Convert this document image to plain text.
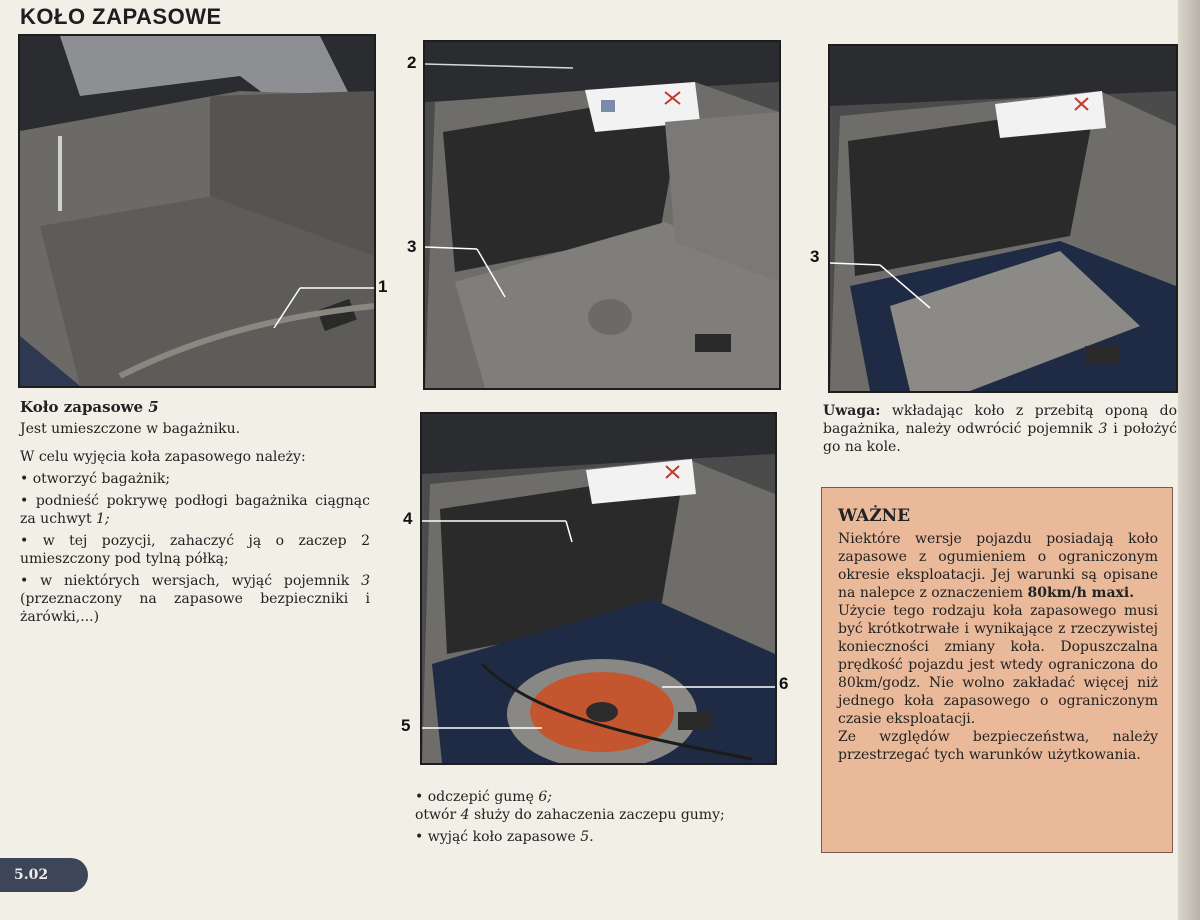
KOŁO ZAPASOWE
1
2
3
3
4
5
6

Koło zapasowe 5

Jest umieszczone w bagażniku.

W celu wyjęcia koła zapasowego należy:

• otworzyć bagażnik;

• podnieść pokrywę podłogi bagażnika ciągnąc za uchwyt 1;

• w tej pozycji, zahaczyć ją o zaczep 2 umieszczony pod tylną półką;

• w niektórych wersjach, wyjąć pojemnik 3 (przeznaczony na zapasowe bezpieczniki i żarówki,...)

• odczepić gumę 6;

otwór 4 służy do zahaczenia zaczepu gumy;

• wyjąć koło zapasowe 5.

Uwaga: wkładając koło z przebitą oponą do bagażnika, należy odwrócić pojemnik 3 i położyć go na kole.
WAŻNE

Niektóre wersje pojazdu posiadają koło zapasowe z ogumieniem o ograniczonym okresie eksploatacji. Jej warunki są opisane na nalepce z oznaczeniem 80km/h maxi.

Użycie tego rodzaju koła zapasowego musi być krótkotrwałe i wynikające z rzeczywistej konieczności zmiany koła. Dopuszczalna prędkość pojazdu jest wtedy ograniczona do 80km/godz. Nie wolno zakładać więcej niż jednego koła zapasowego o ograniczonym czasie eksploatacji.

Ze względów bezpieczeństwa, należy przestrzegać tych warunków użytkowania.

5.02
